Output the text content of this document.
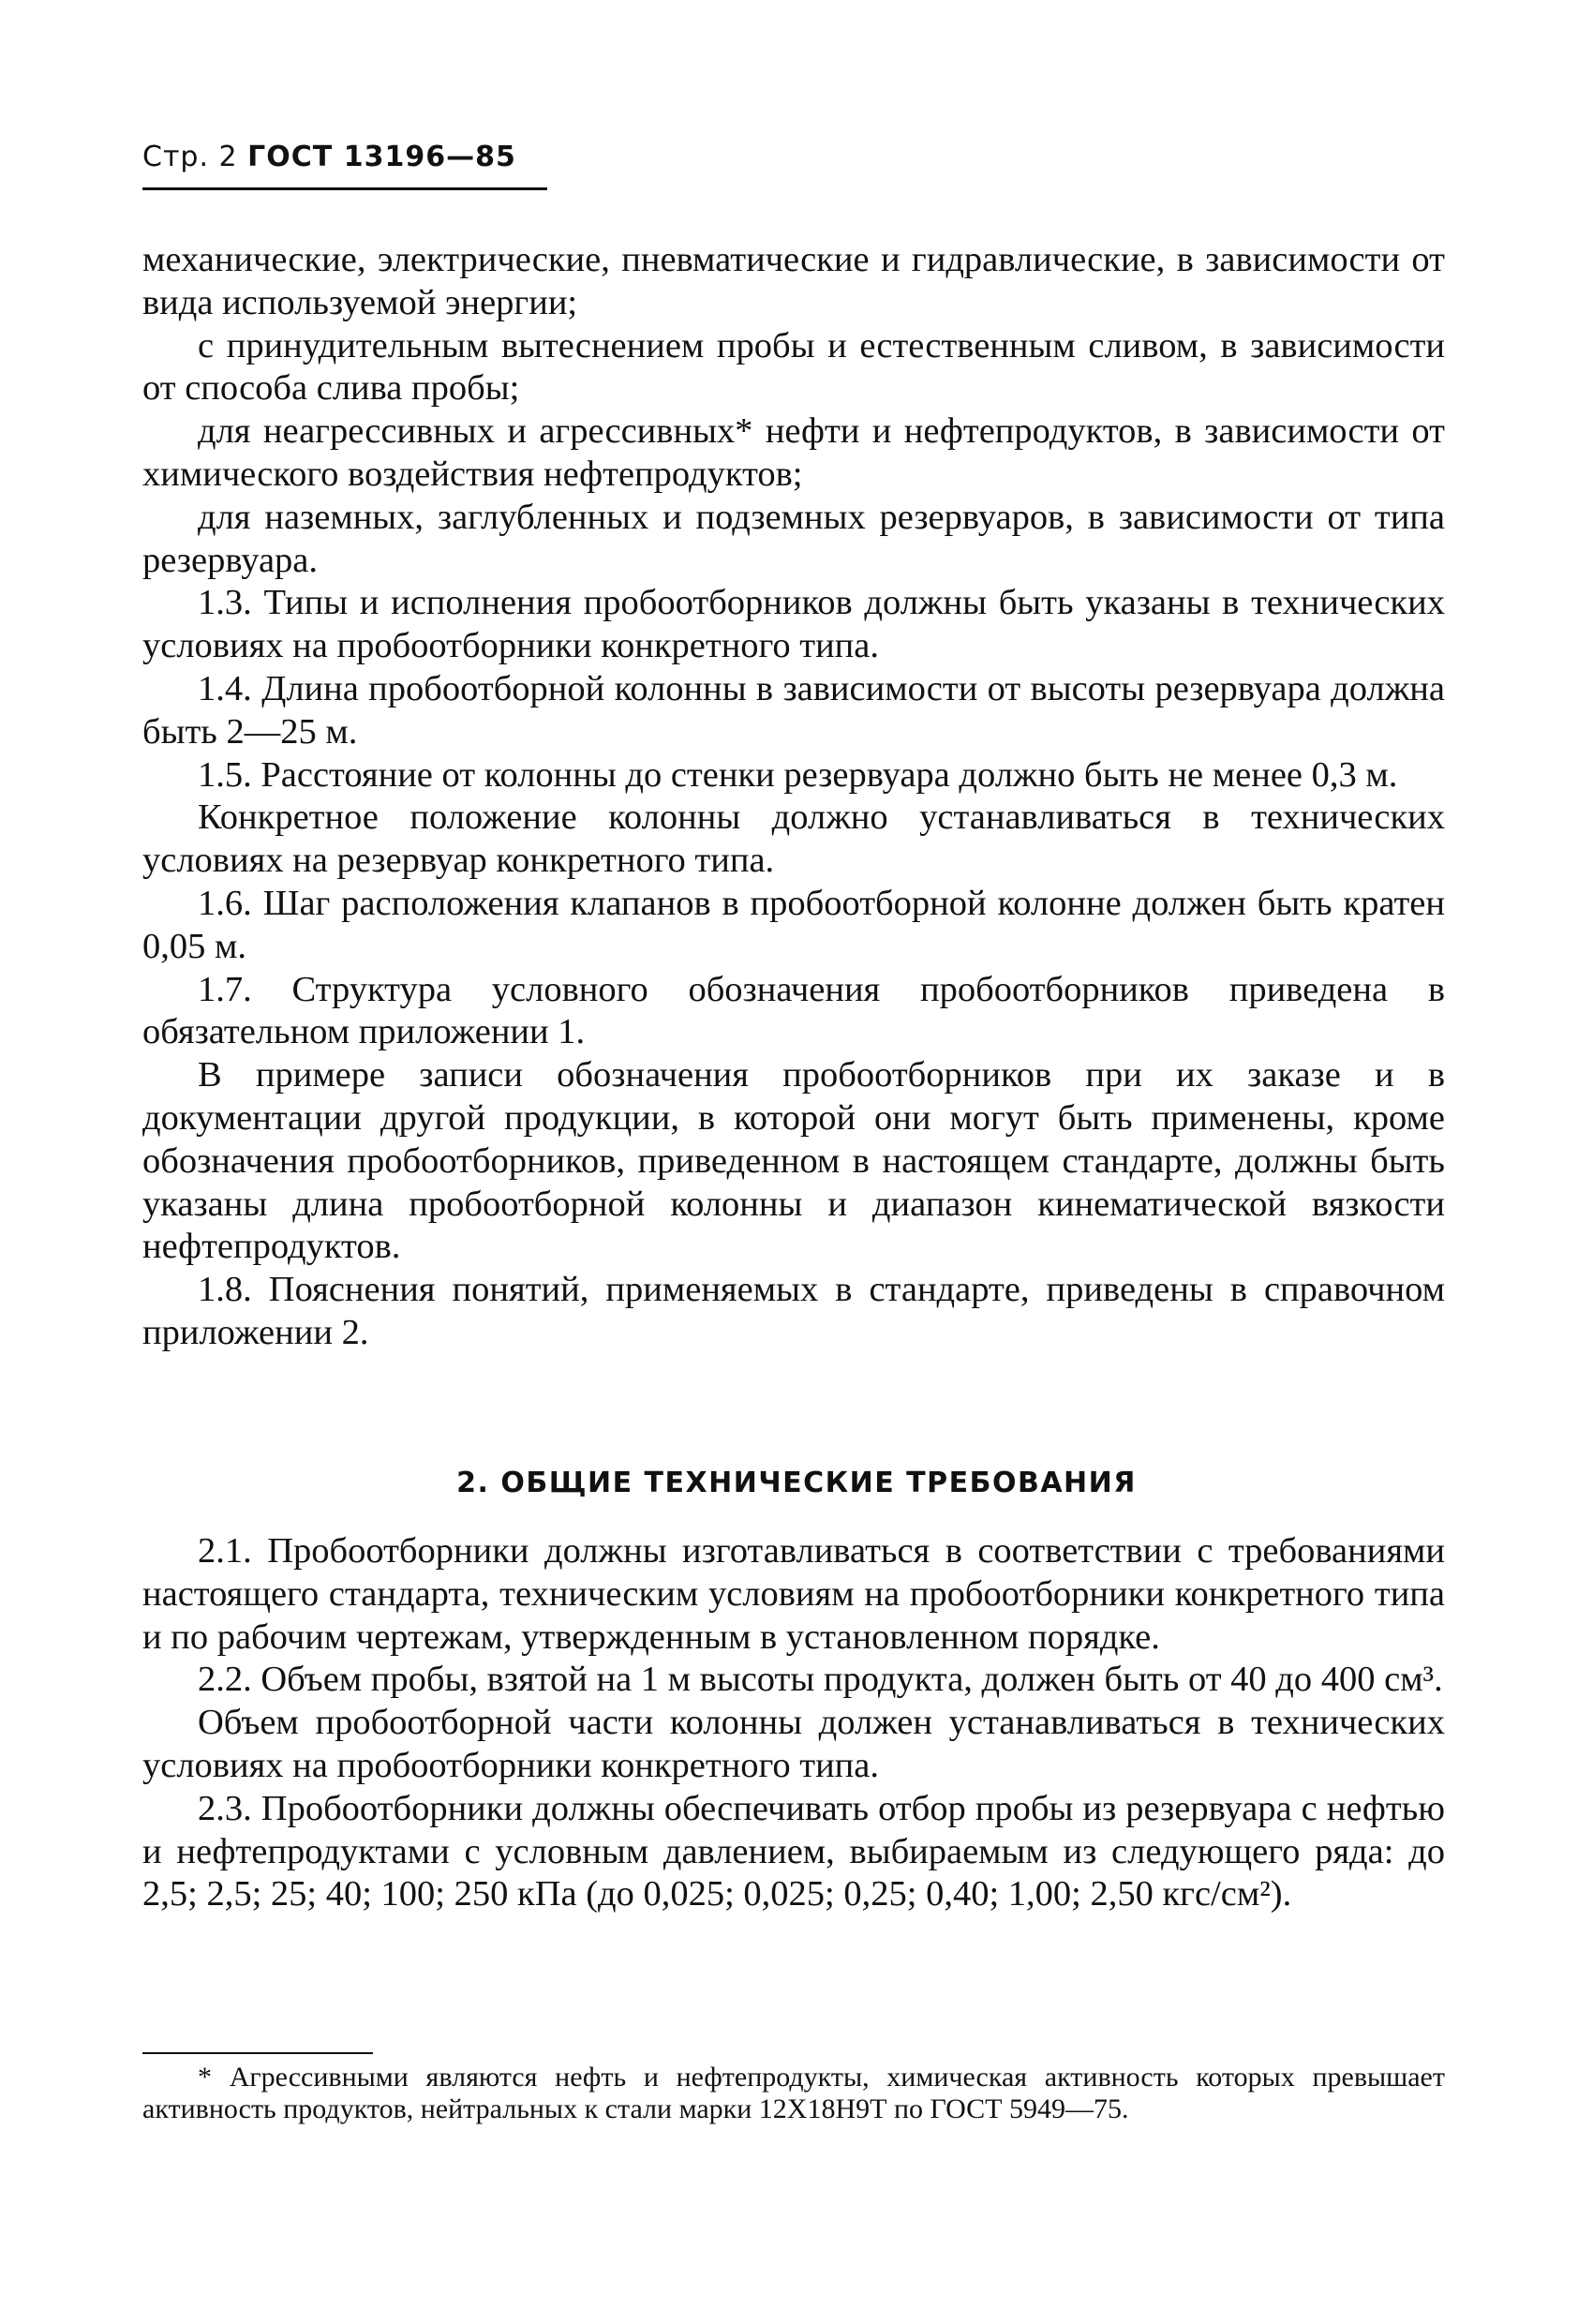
Стр. 2 ГОСТ 13196—85

механические, электрические, пневматические и гидравлические, в зависимости от вида используемой энергии;

с принудительным вытеснением пробы и естественным сливом, в зависимости от способа слива пробы;

для неагрессивных и агрессивных* нефти и нефтепродуктов, в зависимости от химического воздействия нефтепродуктов;

для наземных, заглубленных и подземных резервуаров, в зависимости от типа резервуара.

1.3. Типы и исполнения пробоотборников должны быть указаны в технических условиях на пробоотборники конкретного типа.

1.4. Длина пробоотборной колонны в зависимости от высоты резервуара должна быть 2—25 м.

1.5. Расстояние от колонны до стенки резервуара должно быть не менее 0,3 м.

Конкретное положение колонны должно устанавливаться в технических условиях на резервуар конкретного типа.

1.6. Шаг расположения клапанов в пробоотборной колонне должен быть кратен 0,05 м.

1.7. Структура условного обозначения пробоотборников приведена в обязательном приложении 1.

В примере записи обозначения пробоотборников при их заказе и в документации другой продукции, в которой они могут быть применены, кроме обозначения пробоотборников, приведенном в настоящем стандарте, должны быть указаны длина пробоотборной колонны и диапазон кинематической вязкости нефтепродуктов.

1.8. Пояснения понятий, применяемых в стандарте, приведены в справочном приложении 2.

2. ОБЩИЕ ТЕХНИЧЕСКИЕ ТРЕБОВАНИЯ

2.1. Пробоотборники должны изготавливаться в соответствии с требованиями настоящего стандарта, техническим условиям на пробоотборники конкретного типа и по рабочим чертежам, утвержденным в установленном порядке.

2.2. Объем пробы, взятой на 1 м высоты продукта, должен быть от 40 до 400 см³.

Объем пробоотборной части колонны должен устанавливаться в технических условиях на пробоотборники конкретного типа.

2.3. Пробоотборники должны обеспечивать отбор пробы из резервуара с нефтью и нефтепродуктами с условным давлением, выбираемым из следующего ряда: до 2,5; 2,5; 25; 40; 100; 250 кПа (до 0,025; 0,025; 0,25; 0,40; 1,00; 2,50 кгс/см²).

* Агрессивными являются нефть и нефтепродукты, химическая активность которых превышает активность продуктов, нейтральных к стали марки 12Х18Н9Т по ГОСТ 5949—75.
